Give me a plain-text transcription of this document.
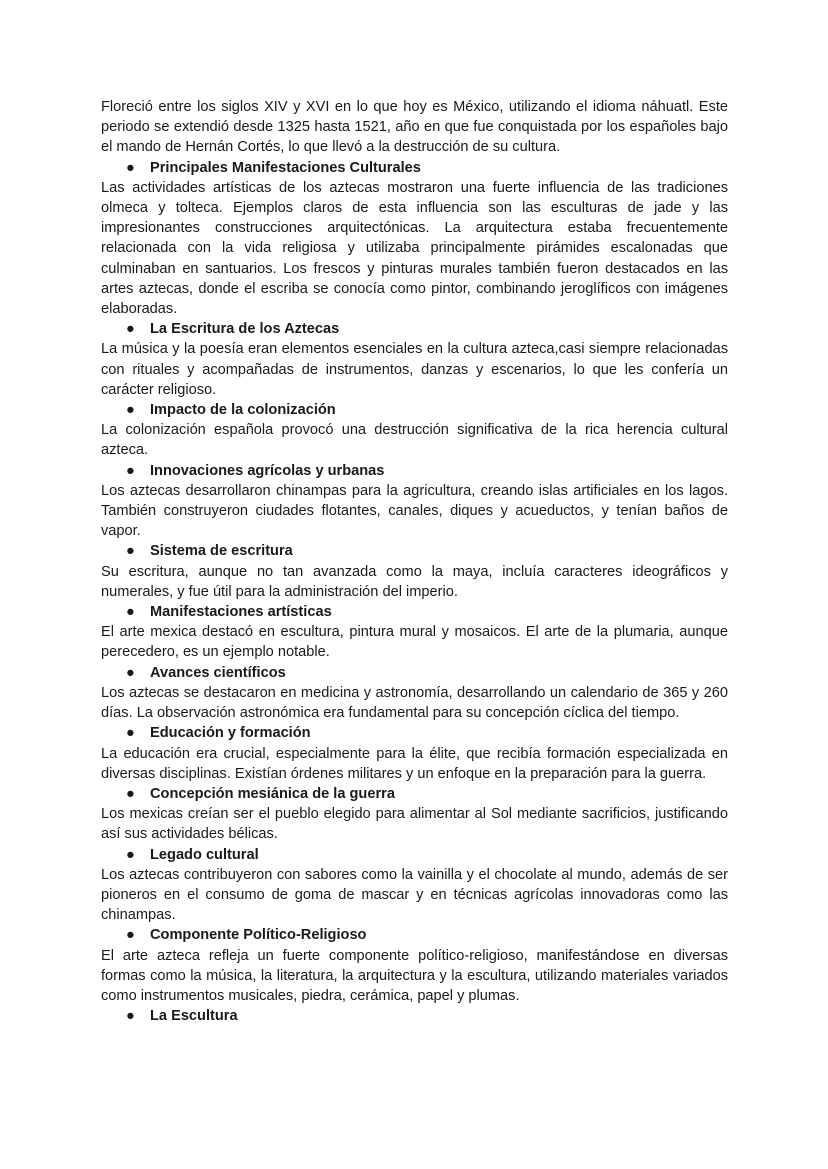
Floreció entre los siglos XIV y XVI en lo que hoy es México, utilizando el idioma náhuatl. Este periodo se extendió desde 1325 hasta 1521, año en que fue conquistada por los españoles bajo el mando de Hernán Cortés, lo que llevó a la destrucción de su cultura.

● Principales Manifestaciones Culturales

Las actividades artísticas de los aztecas mostraron una fuerte influencia de las tradiciones olmeca y tolteca. Ejemplos claros de esta influencia son las esculturas de jade y las impresionantes construcciones arquitectónicas. La arquitectura estaba frecuentemente relacionada con la vida religiosa y utilizaba principalmente pirámides escalonadas que culminaban en santuarios. Los frescos y pinturas murales también fueron destacados en las artes aztecas, donde el escriba se conocía como pintor, combinando jeroglíficos con imágenes elaboradas.

● La Escritura de los Aztecas

La música y la poesía eran elementos esenciales en la cultura azteca,casi siempre relacionadas con rituales y acompañadas de instrumentos, danzas y escenarios, lo que les confería un carácter religioso.

● Impacto de la colonización

La colonización española provocó una destrucción significativa de la rica herencia cultural azteca.

● Innovaciones agrícolas y urbanas

Los aztecas desarrollaron chinampas para la agricultura, creando islas artificiales en los lagos. También construyeron ciudades flotantes, canales, diques y acueductos, y tenían baños de vapor.

● Sistema de escritura

Su escritura, aunque no tan avanzada como la maya, incluía caracteres ideográficos y numerales, y fue útil para la administración del imperio.

● Manifestaciones artísticas

El arte mexica destacó en escultura, pintura mural y mosaicos. El arte de la plumaria, aunque perecedero, es un ejemplo notable.

● Avances científicos

Los aztecas se destacaron en medicina y astronomía, desarrollando un calendario de 365 y 260 días. La observación astronómica era fundamental para su concepción cíclica del tiempo.

● Educación y formación

La educación era crucial, especialmente para la élite, que recibía formación especializada en diversas disciplinas. Existían órdenes militares y un enfoque en la preparación para la guerra.

● Concepción mesiánica de la guerra

Los mexicas creían ser el pueblo elegido para alimentar al Sol mediante sacrificios, justificando así sus actividades bélicas.

● Legado cultural

Los aztecas contribuyeron con sabores como la vainilla y el chocolate al mundo, además de ser pioneros en el consumo de goma de mascar y en técnicas agrícolas innovadoras como las chinampas.

● Componente Político-Religioso

El arte azteca refleja un fuerte componente político-religioso, manifestándose en diversas formas como la música, la literatura, la arquitectura y la escultura, utilizando materiales variados como instrumentos musicales, piedra, cerámica, papel y plumas.

● La Escultura
